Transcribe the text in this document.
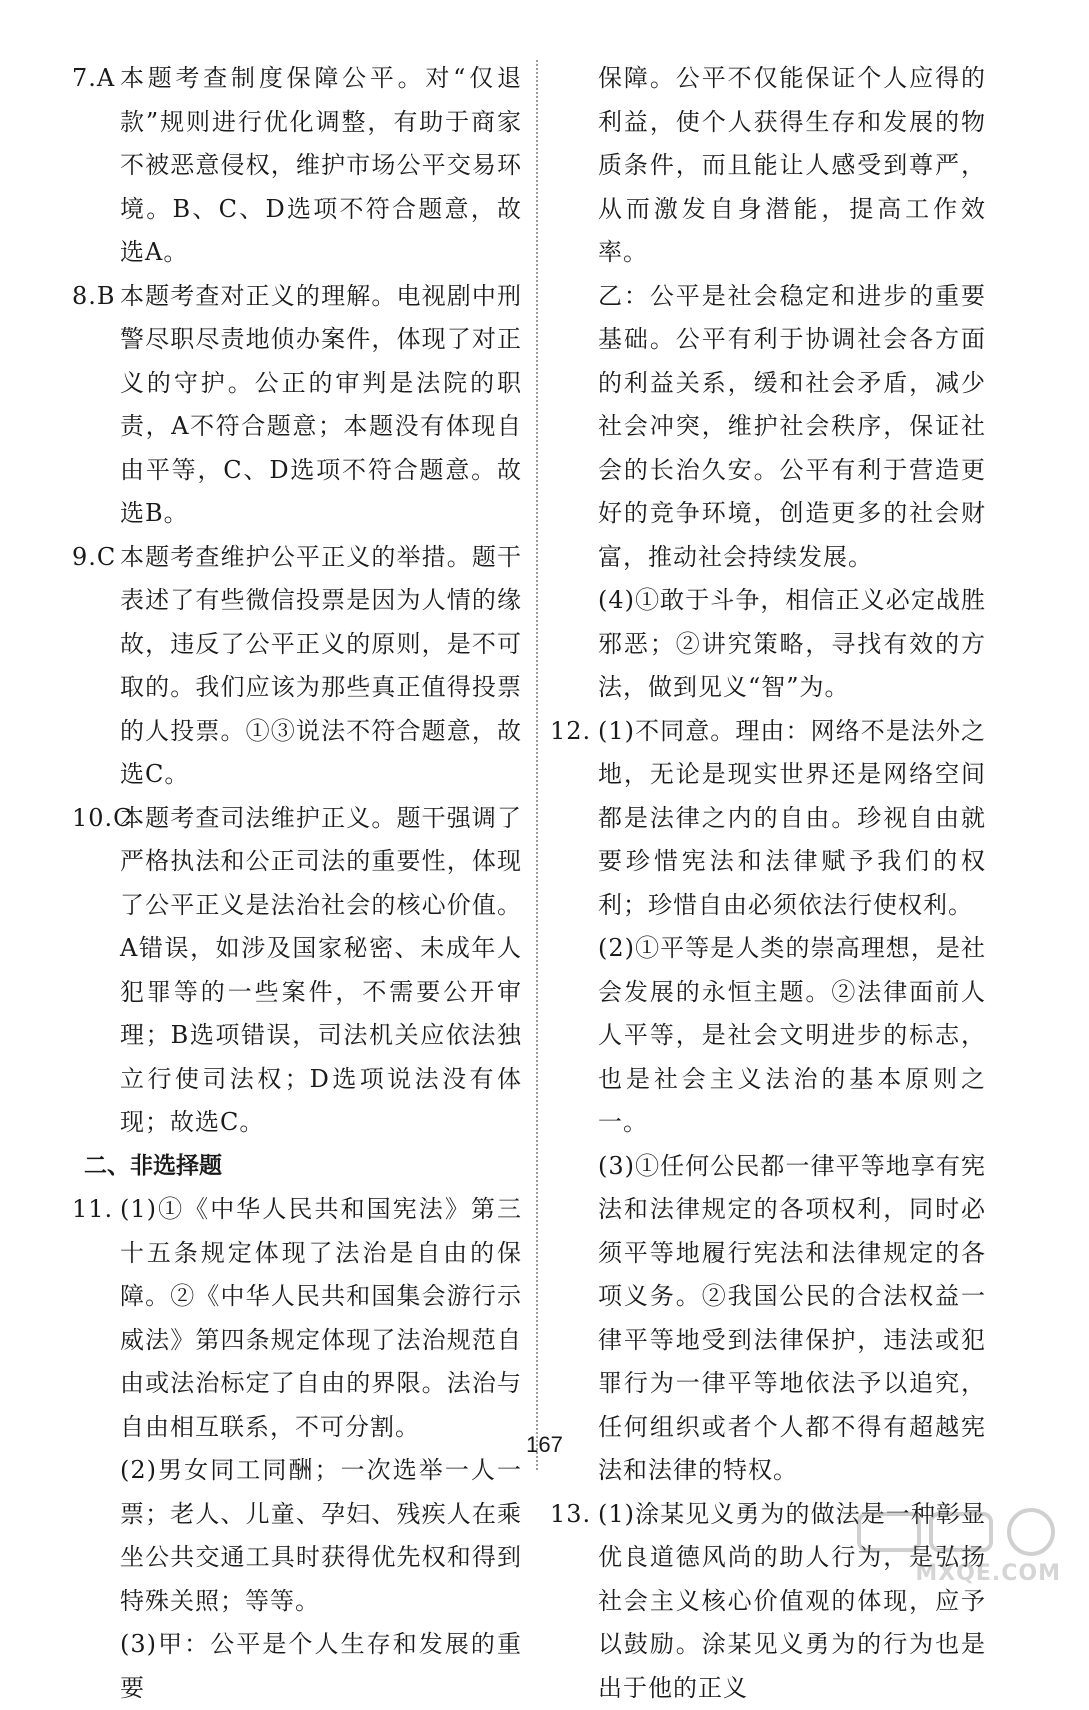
7.A 本题考查制度保障公平。对“仅退款”规则进行优化调整，有助于商家不被恶意侵权，维护市场公平交易环境。B、C、D选项不符合题意，故选A。
8.B 本题考查对正义的理解。电视剧中刑警尽职尽责地侦办案件，体现了对正义的守护。公正的审判是法院的职责，A不符合题意；本题没有体现自由平等，C、D选项不符合题意。故选B。
9.C 本题考查维护公平正义的举措。题干表述了有些微信投票是因为人情的缘故，违反了公平正义的原则，是不可取的。我们应该为那些真正值得投票的人投票。①③说法不符合题意，故选C。
10.C
本题考查司法维护正义。题干强调了严格执法和公正司法的重要性，体现了公平正义是法治社会的核心价值。A错误，如涉及国家秘密、未成年人犯罪等的一些案件，不需要公开审理；B选项错误，司法机关应依法独立行使司法权；D选项说法没有体现；故选C。
二、非选择题
11. (1)①《中华人民共和国宪法》第三十五条规定体现了法治是自由的保障。②《中华人民共和国集会游行示威法》第四条规定体现了法治规范自由或法治标定了自由的界限。法治与自由相互联系，不可分割。
(2)男女同工同酬；一次选举一人一票；老人、儿童、孕妇、残疾人在乘坐公共交通工具时获得优先权和得到特殊关照；等等。
(3)甲：公平是个人生存和发展的重要
保障。公平不仅能保证个人应得的利益，使个人获得生存和发展的物质条件，而且能让人感受到尊严，从而激发自身潜能，提高工作效率。
乙：公平是社会稳定和进步的重要基础。公平有利于协调社会各方面的利益关系，缓和社会矛盾，减少社会冲突，维护社会秩序，保证社会的长治久安。公平有利于营造更好的竞争环境，创造更多的社会财富，推动社会持续发展。
(4)①敢于斗争，相信正义必定战胜邪恶；②讲究策略，寻找有效的方法，做到见义“智”为。
12. (1)不同意。理由：网络不是法外之地，无论是现实世界还是网络空间都是法律之内的自由。珍视自由就要珍惜宪法和法律赋予我们的权利；珍惜自由必须依法行使权利。
(2)①平等是人类的崇高理想，是社会发展的永恒主题。②法律面前人人平等，是社会文明进步的标志，也是社会主义法治的基本原则之一。
(3)①任何公民都一律平等地享有宪法和法律规定的各项权利，同时必须平等地履行宪法和法律规定的各项义务。②我国公民的合法权益一律平等地受到法律保护，违法或犯罪行为一律平等地依法予以追究，任何组织或者个人都不得有超越宪法和法律的特权。
13. (1)涂某见义勇为的做法是一种彰显优良道德风尚的助人行为，是弘扬社会主义核心价值观的体现，应予以鼓励。涂某见义勇为的行为也是出于他的正义
167
MXQE.COM
